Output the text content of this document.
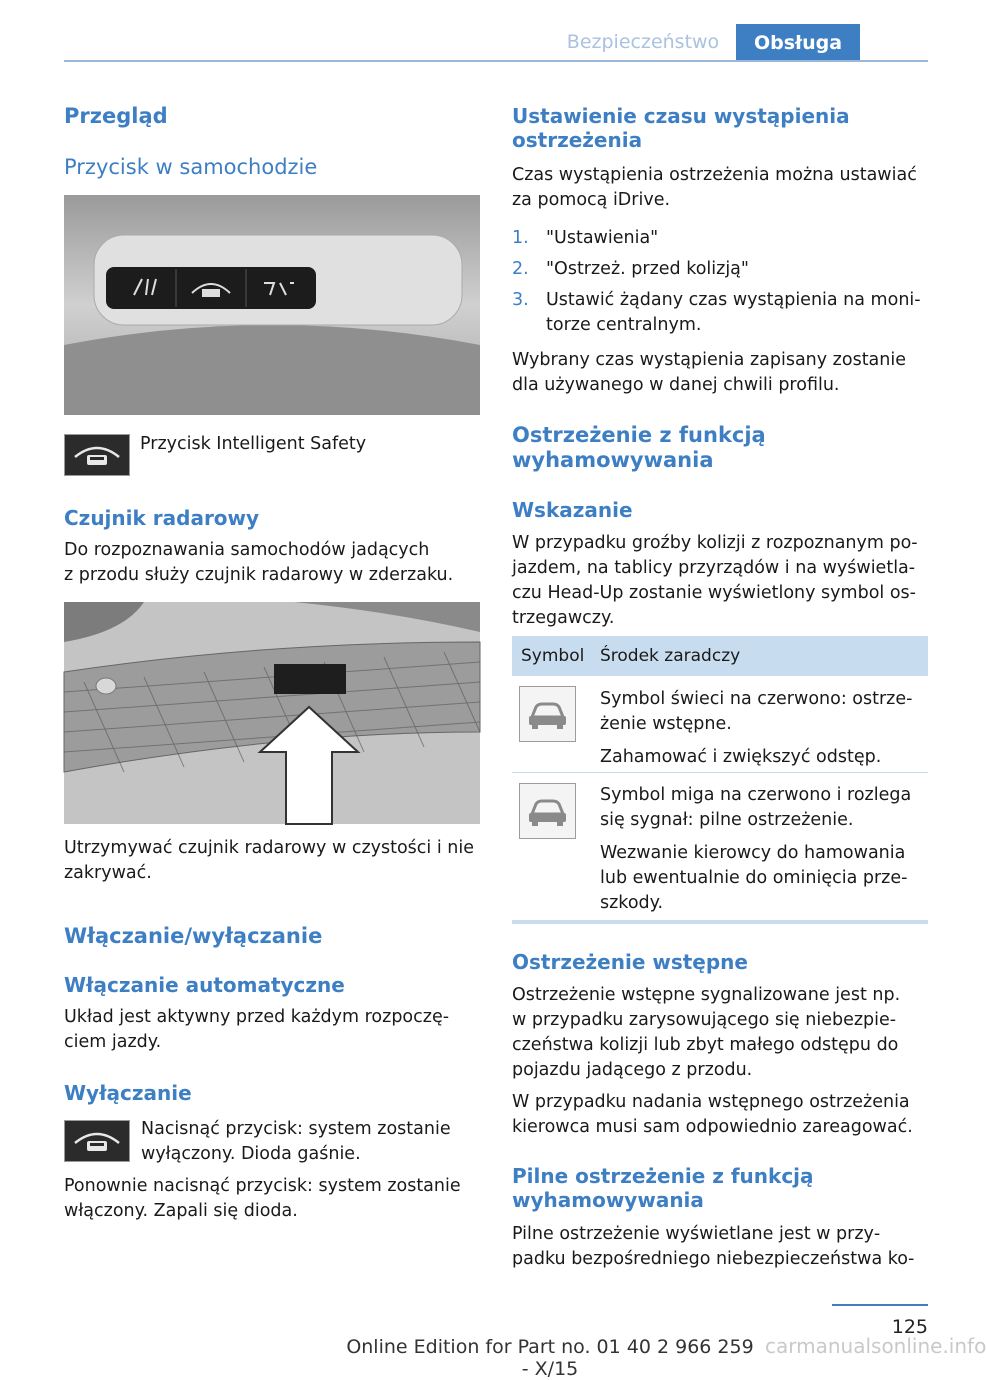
Bezpieczeństwo	Obsługa
Przegląd
Przycisk w samochodzie
Przycisk Intelligent Safety
Czujnik radarowy
Do rozpoznawania samochodów jadących
z przodu służy czujnik radarowy w zderzaku.
Utrzymywać czujnik radarowy w czystości i nie
zakrywać.
Włączanie/wyłączanie
Włączanie automatyczne
Układ jest aktywny przed każdym rozpoczę‐
ciem jazdy.
Wyłączanie
Nacisnąć przycisk: system zostanie
wyłączony. Dioda gaśnie.
Ponownie nacisnąć przycisk: system zostanie
włączony. Zapali się dioda.
Ustawienie czasu wystąpienia
ostrzeżenia
Czas wystąpienia ostrzeżenia można ustawiać
za pomocą iDrive.
1. "Ustawienia"
2. "Ostrzeż. przed kolizją"
3. Ustawić żądany czas wystąpienia na moni‐
torze centralnym.
Wybrany czas wystąpienia zapisany zostanie
dla używanego w danej chwili profilu.
Ostrzeżenie z funkcją
wyhamowywania
Wskazanie
W przypadku groźby kolizji z rozpoznanym po‐
jazdem, na tablicy przyrządów i na wyświetla‐
czu Head-Up zostanie wyświetlony symbol os‐
trzegawczy.
Symbol Środek zaradczy
Symbol świeci na czerwono: ostrze‐
żenie wstępne.
Zahamować i zwiększyć odstęp.
Symbol miga na czerwono i rozlega
się sygnał: pilne ostrzeżenie.
Wezwanie kierowcy do hamowania
lub ewentualnie do ominięcia prze‐
szkody.
Ostrzeżenie wstępne
Ostrzeżenie wstępne sygnalizowane jest np.
w przypadku zarysowującego się niebezpie‐
czeństwa kolizji lub zbyt małego odstępu do
pojazdu jadącego z przodu.
W przypadku nadania wstępnego ostrzeżenia
kierowca musi sam odpowiednio zareagować.
Pilne ostrzeżenie z funkcją
wyhamowywania
Pilne ostrzeżenie wyświetlane jest w przy‐
padku bezpośredniego niebezpieczeństwa ko‐
125
Online Edition for Part no. 01 40 2 966 259 - X/15
carmanualsonline.info
